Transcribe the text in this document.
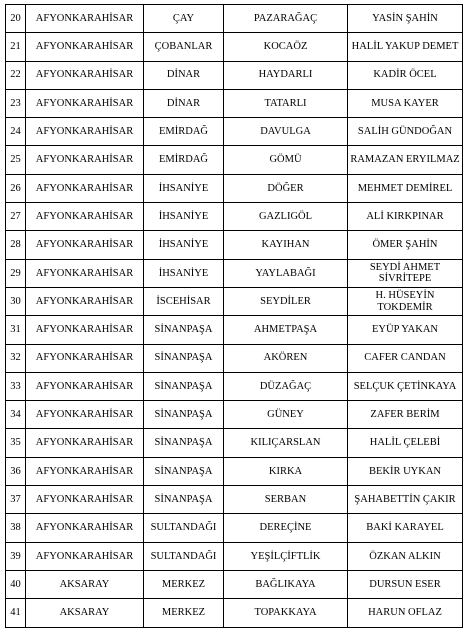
20	AFYONKARAHİSAR	ÇAY	PAZARAĞAÇ	YASİN ŞAHİN
21	AFYONKARAHİSAR	ÇOBANLAR	KOCAÖZ	HALİL YAKUP DEMET
22	AFYONKARAHİSAR	DİNAR	HAYDARLI	KADİR ÖCEL
23	AFYONKARAHİSAR	DİNAR	TATARLI	MUSA KAYER
24	AFYONKARAHİSAR	EMİRDAĞ	DAVULGA	SALİH GÜNDOĞAN
25	AFYONKARAHİSAR	EMİRDAĞ	GÖMÜ	RAMAZAN ERYILMAZ
26	AFYONKARAHİSAR	İHSANİYE	DÖĞER	MEHMET DEMİREL
27	AFYONKARAHİSAR	İHSANİYE	GAZLIGÖL	ALİ KIRKPINAR
28	AFYONKARAHİSAR	İHSANİYE	KAYIHAN	ÖMER ŞAHİN
29	AFYONKARAHİSAR	İHSANİYE	YAYLABAĞI	SEYDİ AHMET SİVRİTEPE
30	AFYONKARAHİSAR	İSCEHİSAR	SEYDİLER	H. HÜSEYİN TOKDEMİR
31	AFYONKARAHİSAR	SİNANPAŞA	AHMETPAŞA	EYÜP YAKAN
32	AFYONKARAHİSAR	SİNANPAŞA	AKÖREN	CAFER CANDAN
33	AFYONKARAHİSAR	SİNANPAŞA	DÜZAĞAÇ	SELÇUK ÇETİNKAYA
34	AFYONKARAHİSAR	SİNANPAŞA	GÜNEY	ZAFER BERİM
35	AFYONKARAHİSAR	SİNANPAŞA	KILIÇARSLAN	HALİL ÇELEBİ
36	AFYONKARAHİSAR	SİNANPAŞA	KIRKA	BEKİR UYKAN
37	AFYONKARAHİSAR	SİNANPAŞA	SERBAN	ŞAHABETTİN ÇAKIR
38	AFYONKARAHİSAR	SULTANDAĞI	DEREÇİNE	BAKİ KARAYEL
39	AFYONKARAHİSAR	SULTANDAĞI	YEŞİLÇİFTLİK	ÖZKAN ALKIN
40	AKSARAY	MERKEZ	BAĞLIKAYA	DURSUN ESER
41	AKSARAY	MERKEZ	TOPAKKAYA	HARUN OFLAZ
